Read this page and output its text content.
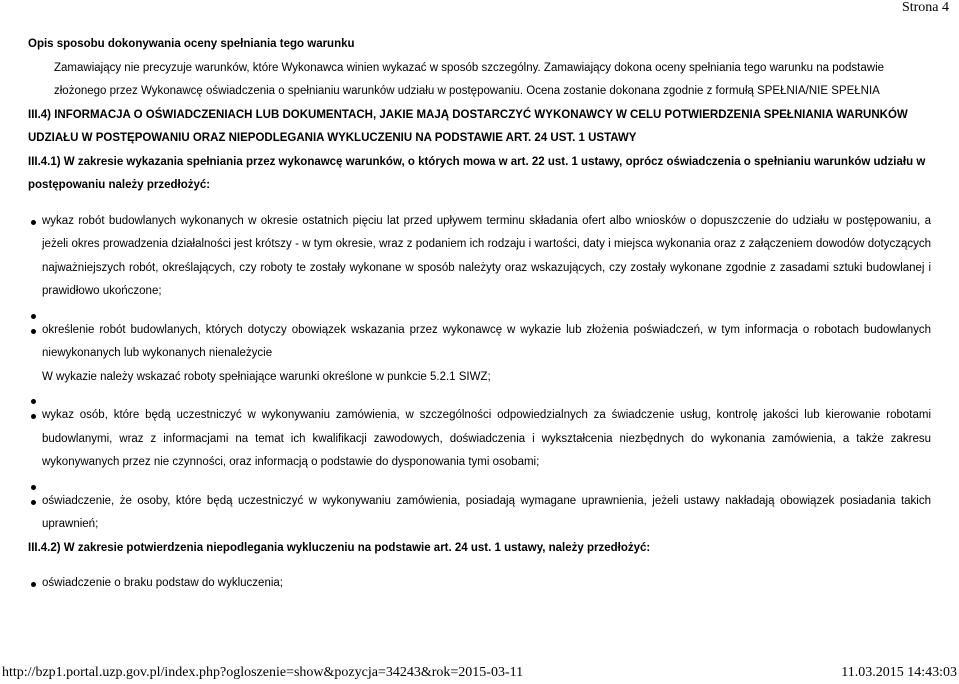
Strona 4

Opis sposobu dokonywania oceny spełniania tego warunku

Zamawiający nie precyzuje warunków, które Wykonawca winien wykazać w sposób szczególny. Zamawiający dokona oceny spełniania tego warunku na podstawie

złożonego przez Wykonawcę oświadczenia o spełnianiu warunków udziału w postępowaniu. Ocena zostanie dokonana zgodnie z formułą SPEŁNIA/NIE SPEŁNIA

III.4) INFORMACJA O OŚWIADCZENIACH LUB DOKUMENTACH, JAKIE MAJĄ DOSTARCZYĆ WYKONAWCY W CELU POTWIERDZENIA SPEŁNIANIA WARUNKÓW UDZIAŁU W POSTĘPOWANIU ORAZ NIEPODLEGANIA WYKLUCZENIU NA PODSTAWIE ART. 24 UST. 1 USTAWY

III.4.1) W zakresie wykazania spełniania przez wykonawcę warunków, o których mowa w art. 22 ust. 1 ustawy, oprócz oświadczenia o spełnianiu warunków udziału w postępowaniu należy przedłożyć:

wykaz robót budowlanych wykonanych w okresie ostatnich pięciu lat przed upływem terminu składania ofert albo wniosków o dopuszczenie do udziału w postępowaniu, a jeżeli okres prowadzenia działalności jest krótszy - w tym okresie, wraz z podaniem ich rodzaju i wartości, daty i miejsca wykonania oraz z załączeniem dowodów dotyczących najważniejszych robót, określających, czy roboty te zostały wykonane w sposób należyty oraz wskazujących, czy zostały wykonane zgodnie z zasadami sztuki budowlanej i prawidłowo ukończone;
określenie robót budowlanych, których dotyczy obowiązek wskazania przez wykonawcę w wykazie lub złożenia poświadczeń, w tym informacja o robotach budowlanych niewykonanych lub wykonanych nienależycie
W wykazie należy wskazać roboty spełniające warunki określone w punkcie 5.2.1 SIWZ;
wykaz osób, które będą uczestniczyć w wykonywaniu zamówienia, w szczególności odpowiedzialnych za świadczenie usług, kontrolę jakości lub kierowanie robotami budowlanymi, wraz z informacjami na temat ich kwalifikacji zawodowych, doświadczenia i wykształcenia niezbędnych do wykonania zamówienia, a także zakresu wykonywanych przez nie czynności, oraz informacją o podstawie do dysponowania tymi osobami;
oświadczenie, że osoby, które będą uczestniczyć w wykonywaniu zamówienia, posiadają wymagane uprawnienia, jeżeli ustawy nakładają obowiązek posiadania takich uprawnień;

III.4.2) W zakresie potwierdzenia niepodlegania wykluczeniu na podstawie art. 24 ust. 1 ustawy, należy przedłożyć:

oświadczenie o braku podstaw do wykluczenia;
http://bzp1.portal.uzp.gov.pl/index.php?ogloszenie=show&pozycja=34243&rok=2015-03-11	11.03.2015 14:43:03
